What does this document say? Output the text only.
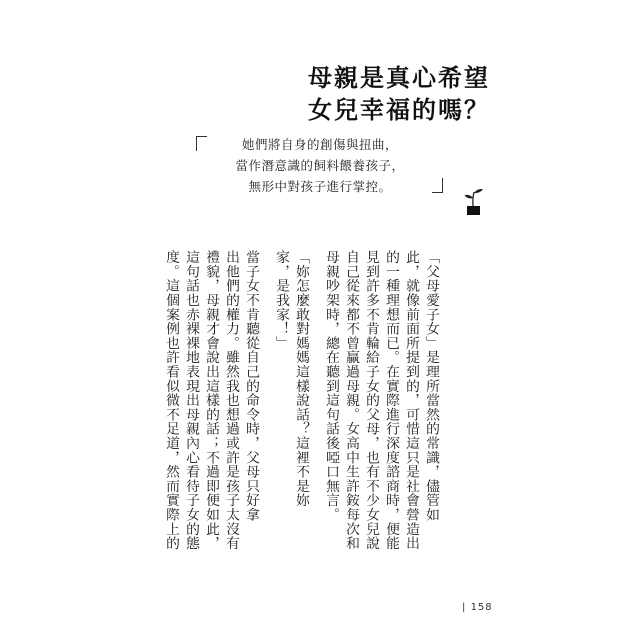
母親是真心希望
女兒幸福的嗎？
她們將自身的創傷與扭曲，
當作潛意識的飼料餵養孩子，
無形中對孩子進行掌控。

「父母愛子女」是理所當然的常識，儘管如

此，就像前面所提到的，可惜這只是社會營造出

的一種理想而已。在實際進行深度諮商時，便能

見到許多不肯輪給子女的父母，也有不少女兒說

自己從來都不曾贏過母親。女高中生許銨每次和

母親吵架時，總在聽到這句話後啞口無言。

「妳怎麼敢對媽媽這樣說話？這裡不是妳

家，是我家！」

當子女不肯聽從自己的命令時，父母只好拿

出他們的權力。雖然我也想過或許是孩子太沒有

禮貌，母親才會說出這樣的話；不過即便如此，

這句話也赤裸裸地表現出母親內心看待子女的態

度。這個案例也許看似微不足道，然而實際上的

| 158
